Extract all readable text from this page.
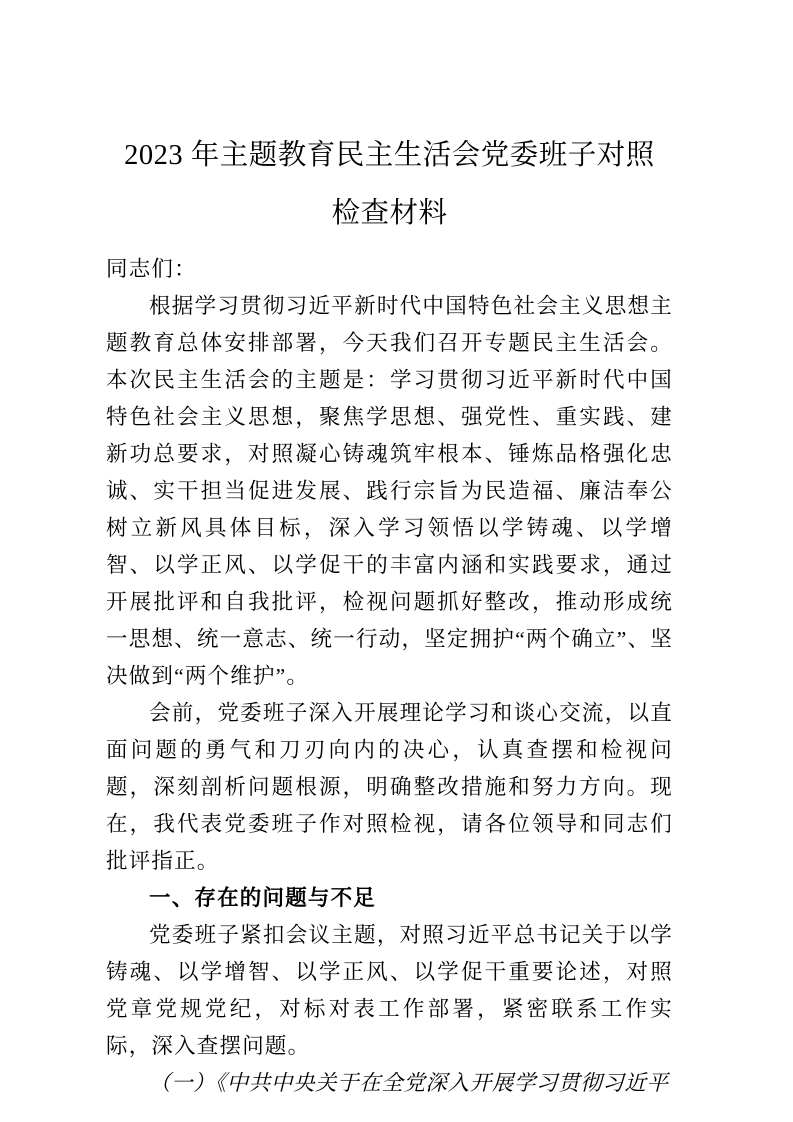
2023 年主题教育民主生活会党委班子对照
检查材料

同志们：

根据学习贯彻习近平新时代中国特色社会主义思想主题教育总体安排部署，今天我们召开专题民主生活会。本次民主生活会的主题是：学习贯彻习近平新时代中国特色社会主义思想，聚焦学思想、强党性、重实践、建新功总要求，对照凝心铸魂筑牢根本、锤炼品格强化忠诚、实干担当促进发展、践行宗旨为民造福、廉洁奉公树立新风具体目标，深入学习领悟以学铸魂、以学增智、以学正风、以学促干的丰富内涵和实践要求，通过开展批评和自我批评，检视问题抓好整改，推动形成统一思想、统一意志、统一行动，坚定拥护“两个确立”、坚决做到“两个维护”。

会前，党委班子深入开展理论学习和谈心交流，以直面问题的勇气和刀刃向内的决心，认真查摆和检视问题，深刻剖析问题根源，明确整改措施和努力方向。现在，我代表党委班子作对照检视，请各位领导和同志们批评指正。

一、存在的问题与不足

党委班子紧扣会议主题，对照习近平总书记关于以学铸魂、以学增智、以学正风、以学促干重要论述，对照党章党规党纪，对标对表工作部署，紧密联系工作实际，深入查摆问题。

（一）《中共中央关于在全党深入开展学习贯彻习近平
